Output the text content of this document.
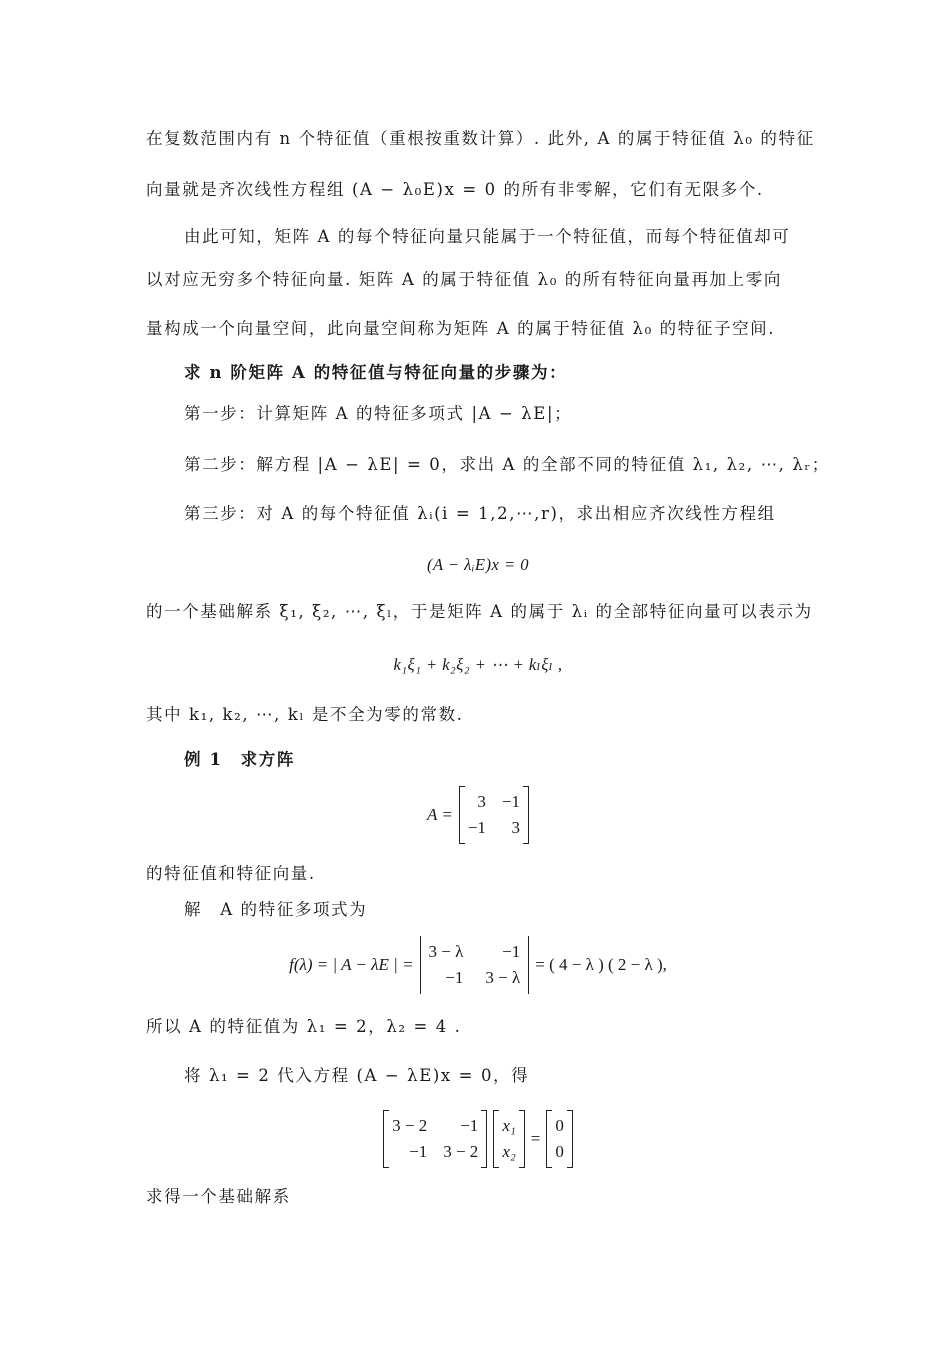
在复数范围内有 n 个特征值（重根按重数计算）. 此外, A 的属于特征值 λ₀ 的特征
向量就是齐次线性方程组 (A − λ₀E)x = 0 的所有非零解，它们有无限多个.
由此可知，矩阵 A 的每个特征向量只能属于一个特征值，而每个特征值却可
以对应无穷多个特征向量. 矩阵 A 的属于特征值 λ₀ 的所有特征向量再加上零向
量构成一个向量空间，此向量空间称为矩阵 A 的属于特征值 λ₀ 的特征子空间.
求 n 阶矩阵 A 的特征值与特征向量的步骤为：
第一步：计算矩阵 A 的特征多项式 |A − λE|；
第二步：解方程 |A − λE| = 0，求出 A 的全部不同的特征值 λ₁, λ₂, ⋯, λᵣ；
第三步：对 A 的每个特征值 λᵢ(i = 1,2,⋯,r)，求出相应齐次线性方程组
(A − λᵢE)x = 0
的一个基础解系 ξ₁, ξ₂, ⋯, ξₗ，于是矩阵 A 的属于 λᵢ 的全部特征向量可以表示为
k₁ξ₁ + k₂ξ₂ + ⋯ + kₗξₗ ,
其中 k₁, k₂, ⋯, kₗ 是不全为零的常数.
例 1　求方阵
A =
3 −1
−1	3
的特征值和特征向量.
解　A 的特征多项式为
f(λ) = | A − λE | =
3 − λ	−1
−1 3 − λ
= ( 4 − λ ) ( 2 − λ ),
所以 A 的特征值为 λ₁ = 2，λ₂ = 4 .
将 λ₁ = 2 代入方程 (A − λE)x = 0，得
3 − 2	−1
−1 3 − 2
x₁
x₂
=
0
0
求得一个基础解系
